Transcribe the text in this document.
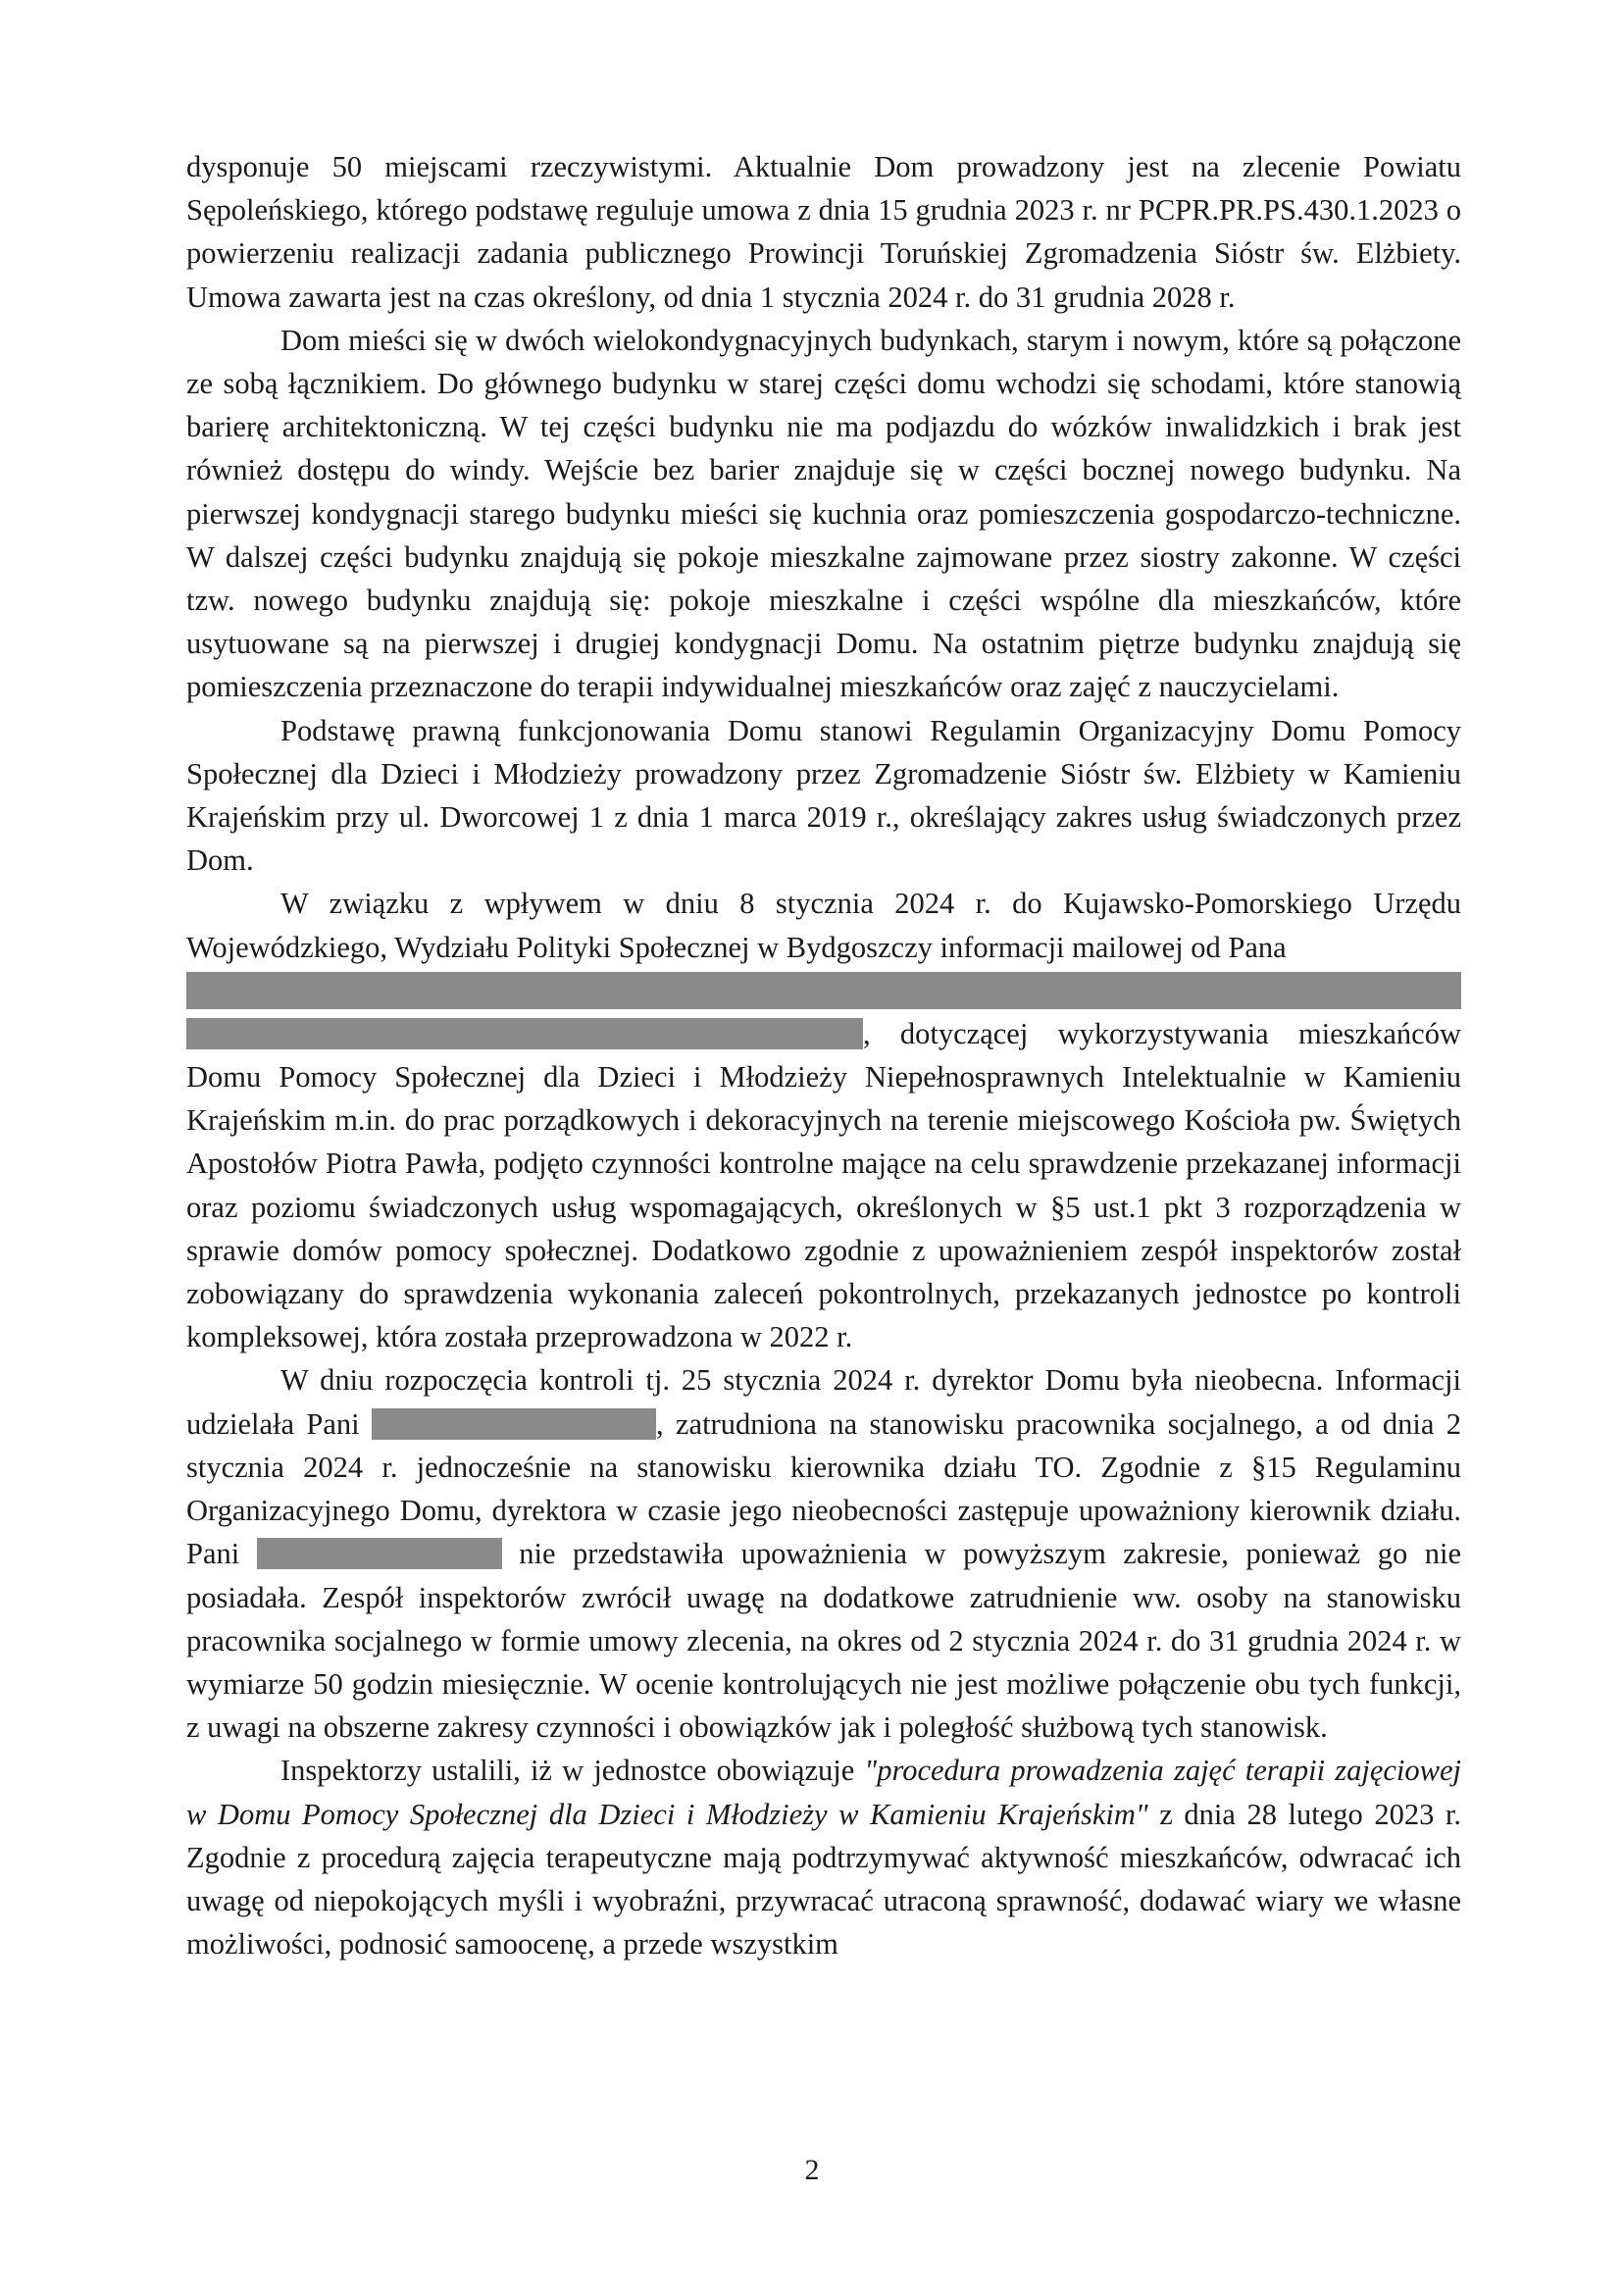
dysponuje 50 miejscami rzeczywistymi. Aktualnie Dom prowadzony jest na zlecenie Powiatu Sępoleńskiego, którego podstawę reguluje umowa z dnia 15 grudnia 2023 r. nr PCPR.PR.PS.430.1.2023 o powierzeniu realizacji zadania publicznego Prowincji Toruńskiej Zgromadzenia Sióstr św. Elżbiety. Umowa zawarta jest na czas określony, od dnia 1 stycznia 2024 r. do 31 grudnia 2028 r.

Dom mieści się w dwóch wielokondygnacyjnych budynkach, starym i nowym, które są połączone ze sobą łącznikiem. Do głównego budynku w starej części domu wchodzi się schodami, które stanowią barierę architektoniczną. W tej części budynku nie ma podjazdu do wózków inwalidzkich i brak jest również dostępu do windy. Wejście bez barier znajduje się w części bocznej nowego budynku. Na pierwszej kondygnacji starego budynku mieści się kuchnia oraz pomieszczenia gospodarczo-techniczne. W dalszej części budynku znajdują się pokoje mieszkalne zajmowane przez siostry zakonne. W części tzw. nowego budynku znajdują się: pokoje mieszkalne i części wspólne dla mieszkańców, które usytuowane są na pierwszej i drugiej kondygnacji Domu. Na ostatnim piętrze budynku znajdują się pomieszczenia przeznaczone do terapii indywidualnej mieszkańców oraz zajęć z nauczycielami.

Podstawę prawną funkcjonowania Domu stanowi Regulamin Organizacyjny Domu Pomocy Społecznej dla Dzieci i Młodzieży prowadzony przez Zgromadzenie Sióstr św. Elżbiety w Kamieniu Krajeńskim przy ul. Dworcowej 1 z dnia 1 marca 2019 r., określający zakres usług świadczonych przez Dom.

W związku z wpływem w dniu 8 stycznia 2024 r. do Kujawsko-Pomorskiego Urzędu Wojewódzkiego, Wydziału Polityki Społecznej w Bydgoszczy informacji mailowej od Pana
, dotyczącej wykorzystywania mieszkańców Domu Pomocy Społecznej dla Dzieci i Młodzieży Niepełnosprawnych Intelektualnie w Kamieniu Krajeńskim m.in. do prac porządkowych i dekoracyjnych na terenie miejscowego Kościoła pw. Świętych Apostołów Piotra Pawła, podjęto czynności kontrolne mające na celu sprawdzenie przekazanej informacji oraz poziomu świadczonych usług wspomagających, określonych w §5 ust.1 pkt 3 rozporządzenia w sprawie domów pomocy społecznej. Dodatkowo zgodnie z upoważnieniem zespół inspektorów został zobowiązany do sprawdzenia wykonania zaleceń pokontrolnych, przekazanych jednostce po kontroli kompleksowej, która została przeprowadzona w 2022 r.

W dniu rozpoczęcia kontroli tj. 25 stycznia 2024 r. dyrektor Domu była nieobecna. Informacji udzielała Pani	, zatrudniona na stanowisku pracownika socjalnego, a od dnia 2 stycznia 2024 r. jednocześnie na stanowisku kierownika działu TO. Zgodnie z §15 Regulaminu Organizacyjnego Domu, dyrektora w czasie jego nieobecności zastępuje upoważniony kierownik działu. Pani	nie przedstawiła upoważnienia w powyższym zakresie, ponieważ go nie posiadała. Zespół inspektorów zwrócił uwagę na dodatkowe zatrudnienie ww. osoby na stanowisku pracownika socjalnego w formie umowy zlecenia, na okres od 2 stycznia 2024 r. do 31 grudnia 2024 r. w wymiarze 50 godzin miesięcznie. W ocenie kontrolujących nie jest możliwe połączenie obu tych funkcji, z uwagi na obszerne zakresy czynności i obowiązków jak i poległość służbową tych stanowisk.

Inspektorzy ustalili, iż w jednostce obowiązuje "procedura prowadzenia zajęć terapii zajęciowej w Domu Pomocy Społecznej dla Dzieci i Młodzieży w Kamieniu Krajeńskim" z dnia 28 lutego 2023 r. Zgodnie z procedurą zajęcia terapeutyczne mają podtrzymywać aktywność mieszkańców, odwracać ich uwagę od niepokojących myśli i wyobraźni, przywracać utraconą sprawność, dodawać wiary we własne możliwości, podnosić samoocenę, a przede wszystkim

2
